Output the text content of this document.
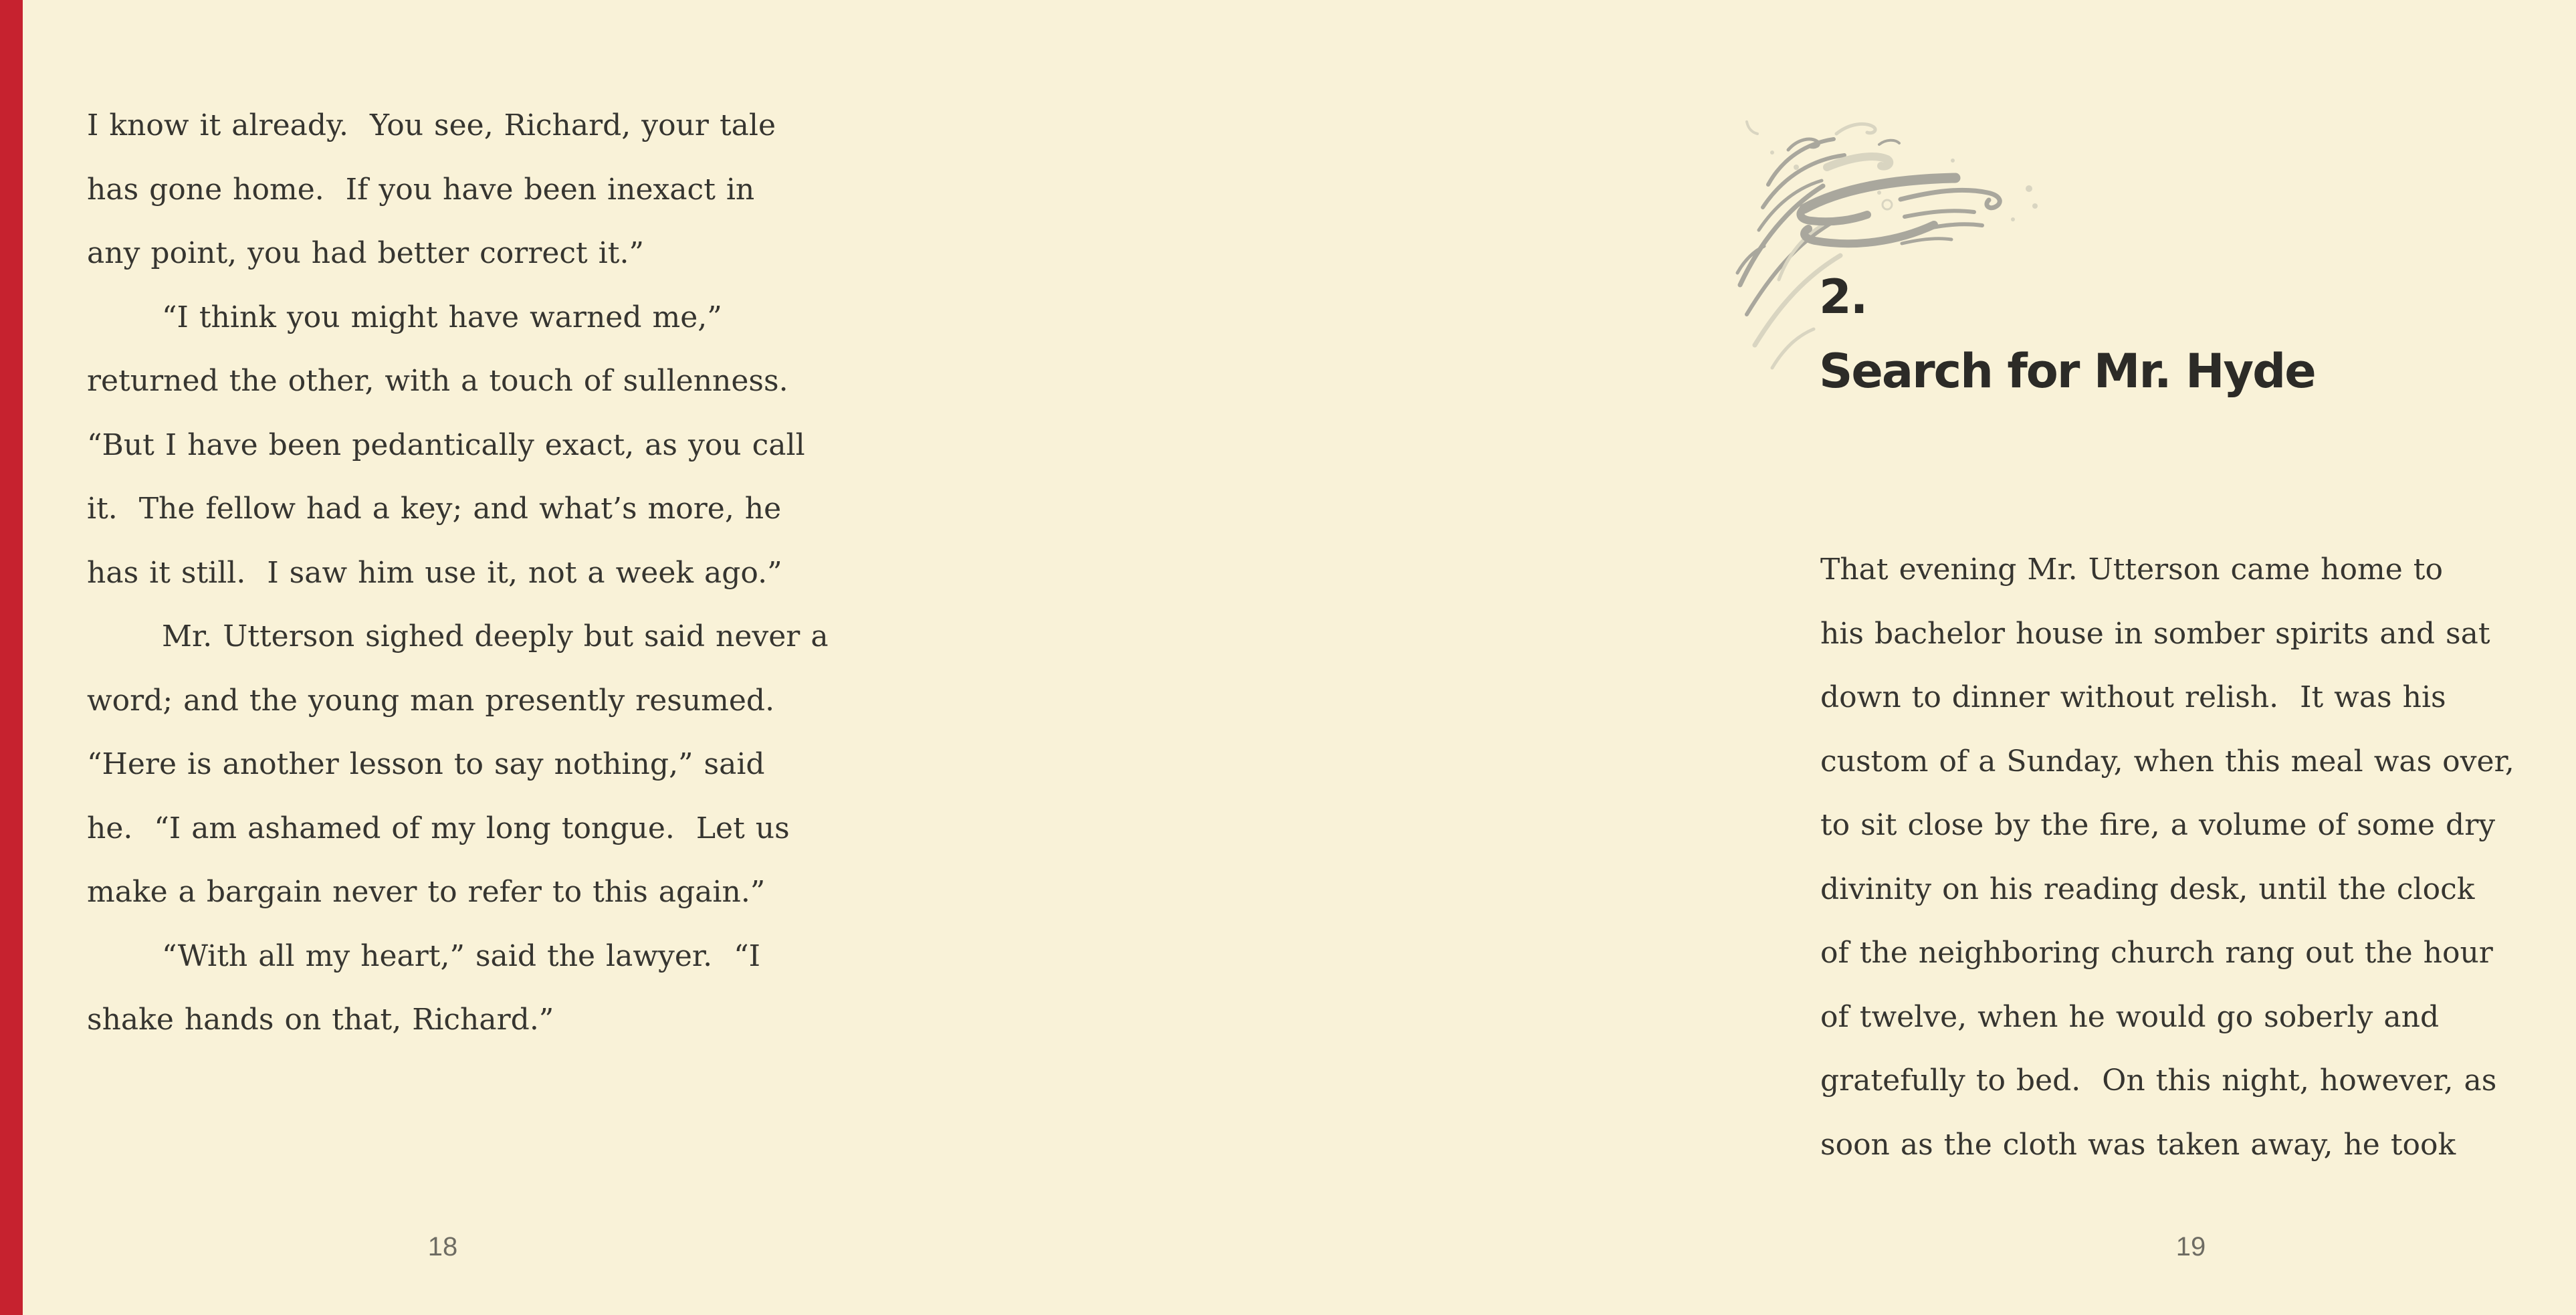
I know it already.  You see, Richard, your tale
has gone home.  If you have been inexact in
any point, you had better correct it.”
“I think you might have warned me,”
returned the other, with a touch of sullenness.
“But I have been pedantically exact, as you call
it.  The fellow had a key; and what’s more, he
has it still.  I saw him use it, not a week ago.”
Mr. Utterson sighed deeply but said never a
word; and the young man presently resumed.
“Here is another lesson to say nothing,” said
he.  “I am ashamed of my long tongue.  Let us
make a bargain never to refer to this again.”
“With all my heart,” said the lawyer.  “I
shake hands on that, Richard.”
18
2.
Search for Mr. Hyde
That evening Mr. Utterson came home to
his bachelor house in somber spirits and sat
down to dinner without relish.  It was his
custom of a Sunday, when this meal was over,
to sit close by the fire, a volume of some dry
divinity on his reading desk, until the clock
of the neighboring church rang out the hour
of twelve, when he would go soberly and
gratefully to bed.  On this night, however, as
soon as the cloth was taken away, he took
19
